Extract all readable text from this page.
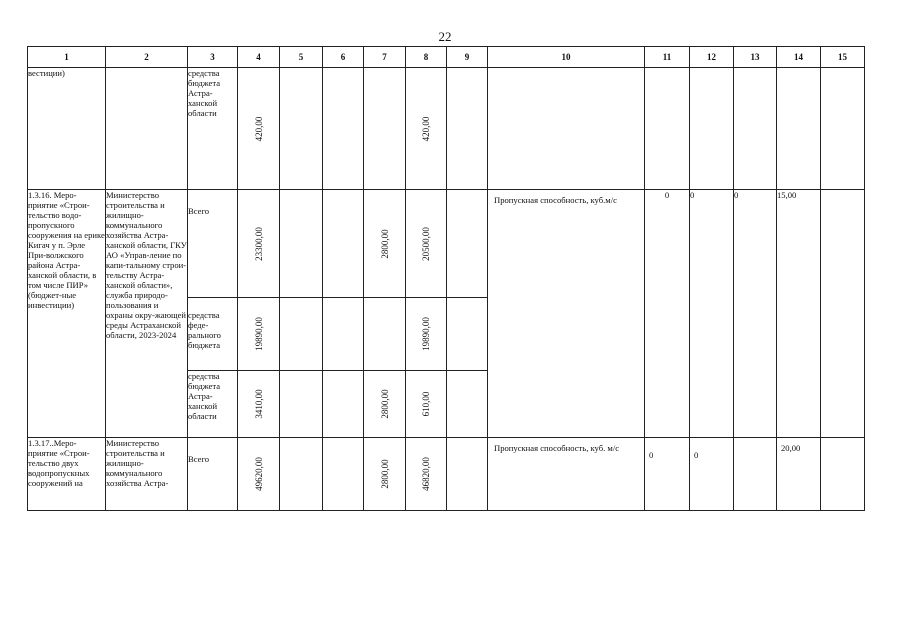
22
1	2	3	4	5	6	7	8	9	10	11	12	13	14	15
вестиции)		средства бюджета Астра-ханской области	420,00				420,00							

1.3.16. Меро-приятие «Строи-тельство водо-пропускного сооружения на ерике Кигач у п. Эрле При-волжского района Астра-ханской области, в том числе ПИР» (бюджет-ные инвестиции)	Министерство строительства и жилищно-коммунального хозяйства Астра-ханской области, ГКУ АО «Управ-ление по капи-тальному строи-тельству Астра-ханской области», служба природо-пользования и охраны окру-жающей среды Астраханской области, 2023-2024	Всего	23300,00			2800,00	20500,00		Пропускная способность, куб.м/с	0	0	0	15,00	
		средства феде-рального бюджета	19890,00				19890,00							

		средства бюджета Астра-ханской области	3410,00			2800,00	610,00							

1.3.17..Меро-приятие «Строи-тельство двух водопропускных сооружений на	Министерство строительства и жилищно-коммунального хозяйства Астра-	Всего	49620,00			2800,00	46820,00		Пропускная способность, куб. м/с	0	0		20,00	
